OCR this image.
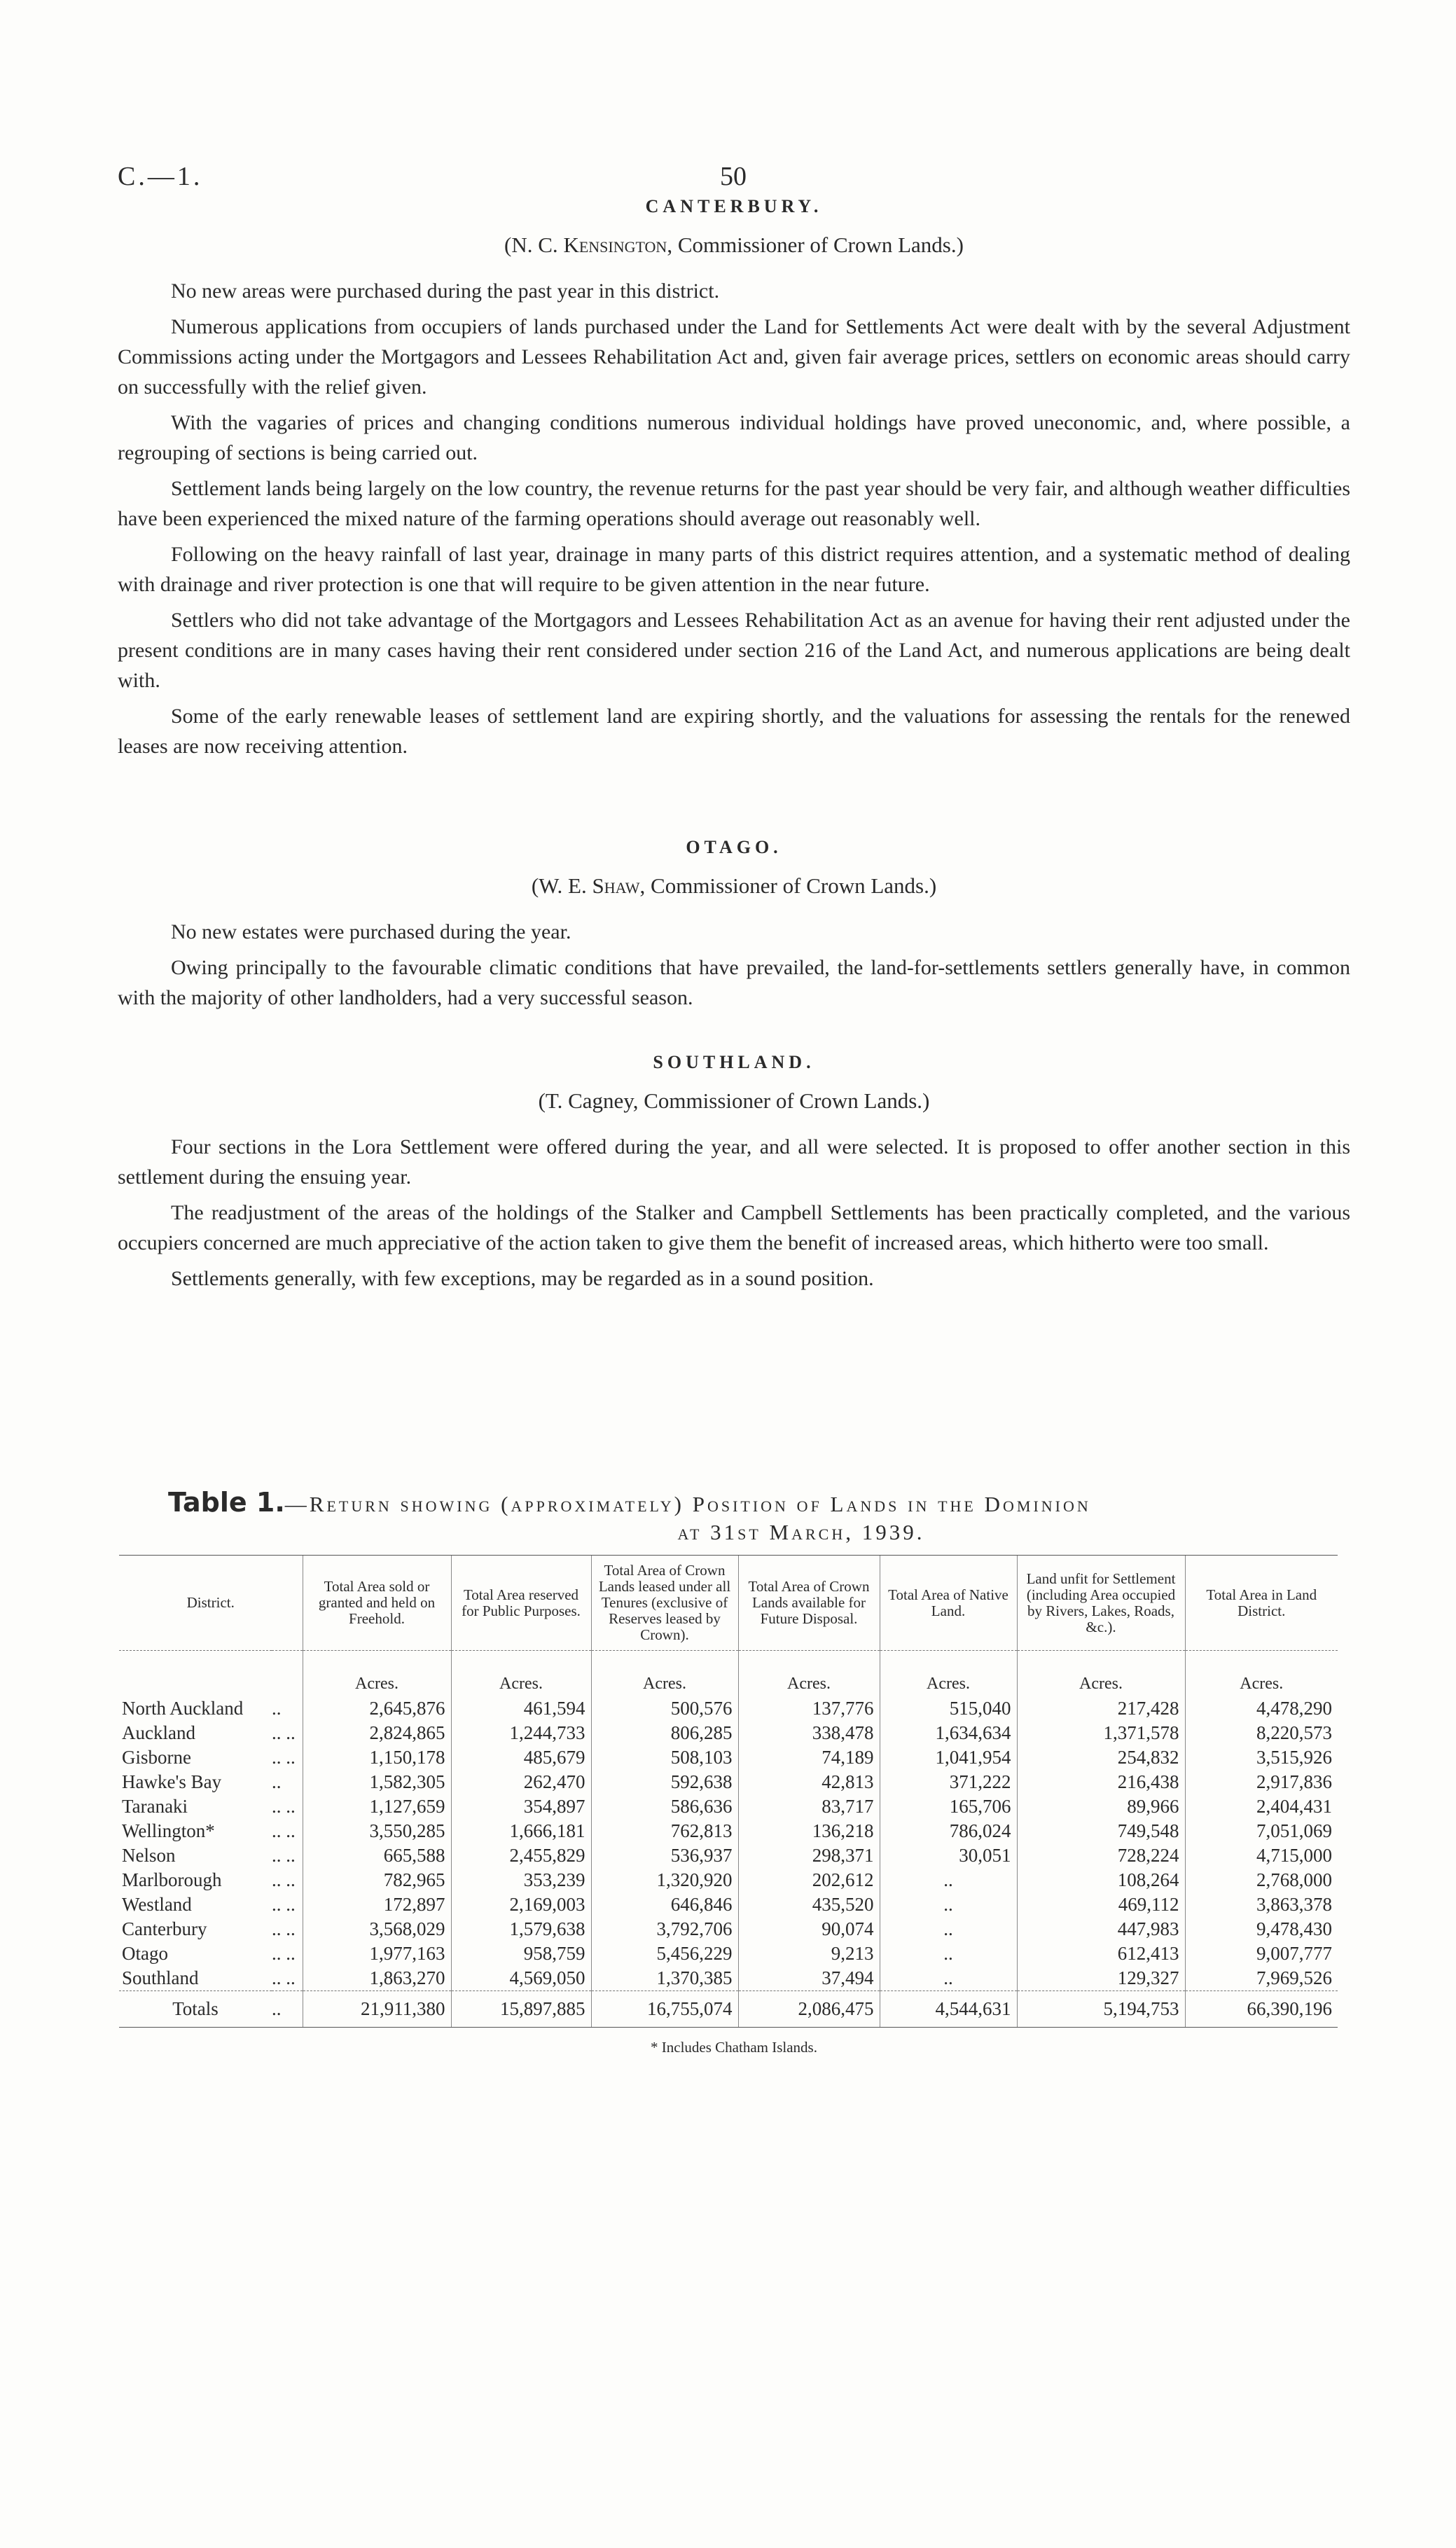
C.—1.	50
CANTERBURY.
(N. C. Kensington, Commissioner of Crown Lands.)

No new areas were purchased during the past year in this district.

Numerous applications from occupiers of lands purchased under the Land for Settlements Act were dealt with by the several Adjustment Commissions acting under the Mortgagors and Lessees Rehabilitation Act and, given fair average prices, settlers on economic areas should carry on successfully with the relief given.

With the vagaries of prices and changing conditions numerous individual holdings have proved uneconomic, and, where possible, a regrouping of sections is being carried out.

Settlement lands being largely on the low country, the revenue returns for the past year should be very fair, and although weather difficulties have been experienced the mixed nature of the farming operations should average out reasonably well.

Following on the heavy rainfall of last year, drainage in many parts of this district requires attention, and a systematic method of dealing with drainage and river protection is one that will require to be given attention in the near future.

Settlers who did not take advantage of the Mortgagors and Lessees Rehabilitation Act as an avenue for having their rent adjusted under the present conditions are in many cases having their rent considered under section 216 of the Land Act, and numerous applications are being dealt with.

Some of the early renewable leases of settlement land are expiring shortly, and the valuations for assessing the rentals for the renewed leases are now receiving attention.

OTAGO.
(W. E. Shaw, Commissioner of Crown Lands.)

No new estates were purchased during the year.

Owing principally to the favourable climatic conditions that have prevailed, the land-for-settlements settlers generally have, in common with the majority of other landholders, had a very successful season.

SOUTHLAND.
(T. Cagney, Commissioner of Crown Lands.)

Four sections in the Lora Settlement were offered during the year, and all were selected. It is proposed to offer another section in this settlement during the ensuing year.

The readjustment of the areas of the holdings of the Stalker and Campbell Settlements has been practically completed, and the various occupiers concerned are much appreciative of the action taken to give them the benefit of increased areas, which hitherto were too small.

Settlements generally, with few exceptions, may be regarded as in a sound position.

Table 1.—Return showing (approximately) Position of Lands in the Dominion
at 31st March, 1939.
District.		Total Area sold or granted and held on Freehold.	Total Area reserved for Public Purposes.	Total Area of Crown Lands leased under all Tenures (exclusive of Reserves leased by Crown).	Total Area of Crown Lands available for Future Disposal.	Total Area of Native Land.	Land unfit for Settlement (including Area occupied by Rivers, Lakes, Roads, &c.).	Total Area in Land District.
		Acres.	Acres.	Acres.	Acres.	Acres.	Acres.	Acres.
North Auckland	..	2,645,876	461,594	500,576	137,776	515,040	217,428	4,478,290
Auckland	.. ..	2,824,865	1,244,733	806,285	338,478	1,634,634	1,371,578	8,220,573
Gisborne	.. ..	1,150,178	485,679	508,103	74,189	1,041,954	254,832	3,515,926
Hawke's Bay	..	1,582,305	262,470	592,638	42,813	371,222	216,438	2,917,836
Taranaki	.. ..	1,127,659	354,897	586,636	83,717	165,706	89,966	2,404,431
Wellington*	.. ..	3,550,285	1,666,181	762,813	136,218	786,024	749,548	7,051,069
Nelson	.. ..	665,588	2,455,829	536,937	298,371	30,051	728,224	4,715,000
Marlborough	.. ..	782,965	353,239	1,320,920	202,612	..	108,264	2,768,000
Westland	.. ..	172,897	2,169,003	646,846	435,520	..	469,112	3,863,378
Canterbury	.. ..	3,568,029	1,579,638	3,792,706	90,074	..	447,983	9,478,430
Otago	.. ..	1,977,163	958,759	5,456,229	9,213	..	612,413	9,007,777
Southland	.. ..	1,863,270	4,569,050	1,370,385	37,494	..	129,327	7,969,526
Totals	..	21,911,380	15,897,885	16,755,074	2,086,475	4,544,631	5,194,753	66,390,196
* Includes Chatham Islands.
